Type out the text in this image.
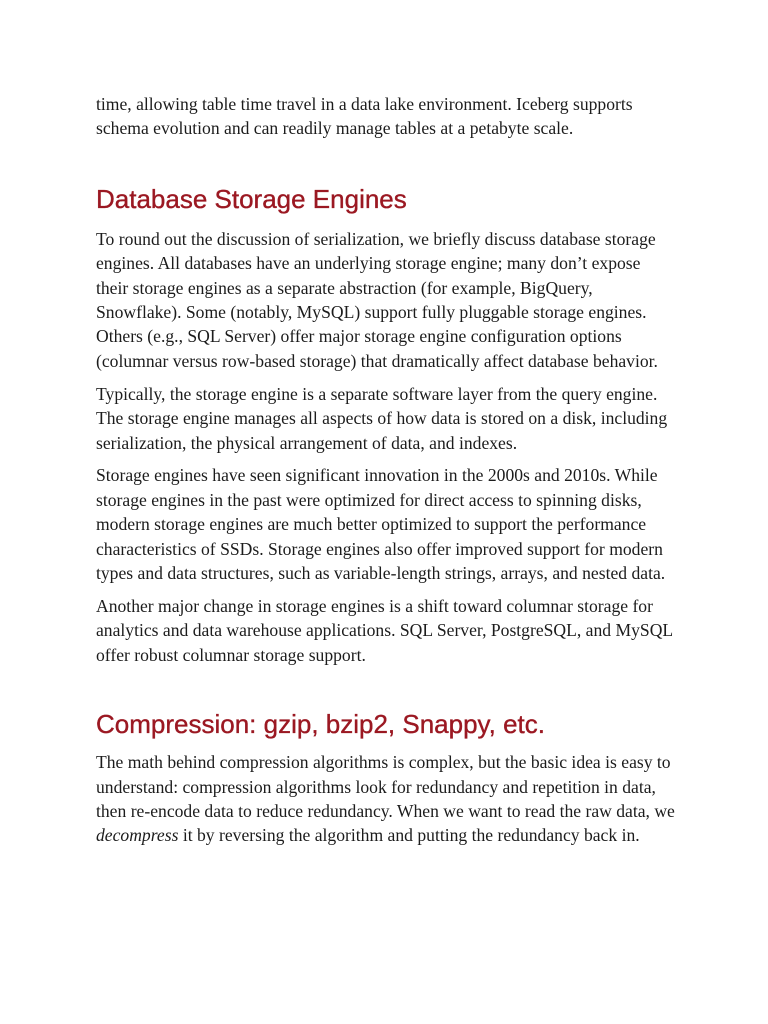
time, allowing table time travel in a data lake environment. Iceberg supports schema evolution and can readily manage tables at a petabyte scale.

Database Storage Engines

To round out the discussion of serialization, we briefly discuss database storage engines. All databases have an underlying storage engine; many don’t expose their storage engines as a separate abstraction (for example, BigQuery, Snowflake). Some (notably, MySQL) support fully pluggable storage engines. Others (e.g., SQL Server) offer major storage engine configuration options (columnar versus row-based storage) that dramatically affect database behavior.

Typically, the storage engine is a separate software layer from the query engine. The storage engine manages all aspects of how data is stored on a disk, including serialization, the physical arrangement of data, and indexes.

Storage engines have seen significant innovation in the 2000s and 2010s. While storage engines in the past were optimized for direct access to spinning disks, modern storage engines are much better optimized to support the performance characteristics of SSDs. Storage engines also offer improved support for modern types and data structures, such as variable-length strings, arrays, and nested data.

Another major change in storage engines is a shift toward columnar storage for analytics and data warehouse applications. SQL Server, PostgreSQL, and MySQL offer robust columnar storage support.

Compression: gzip, bzip2, Snappy, etc.

The math behind compression algorithms is complex, but the basic idea is easy to understand: compression algorithms look for redundancy and repetition in data, then re-encode data to reduce redundancy. When we want to read the raw data, we decompress it by reversing the algorithm and putting the redundancy back in.
